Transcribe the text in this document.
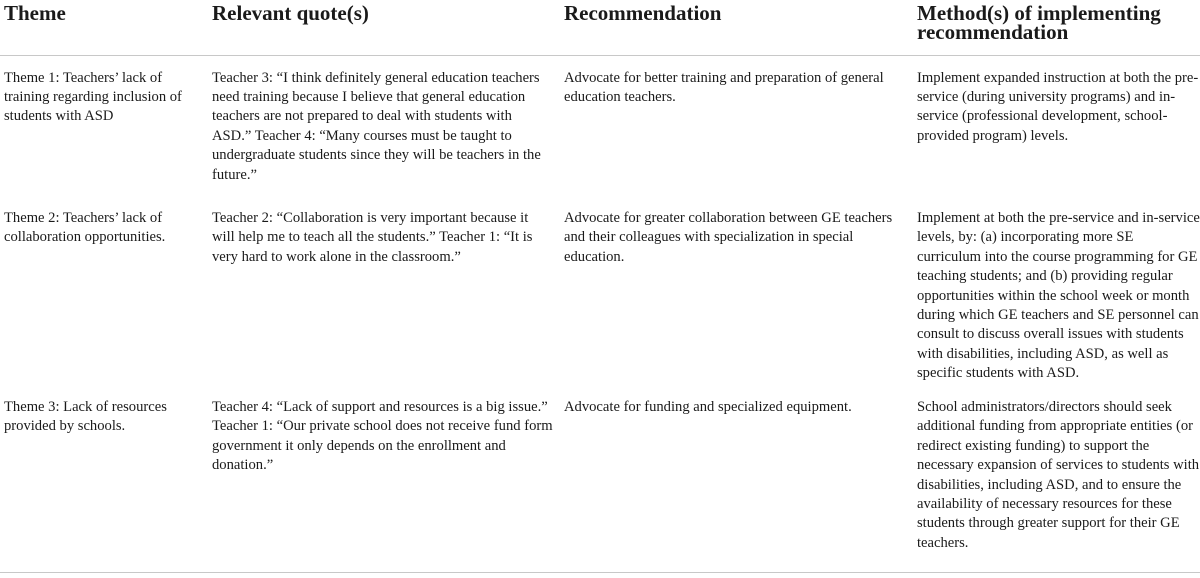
Theme	Relevant quote(s)	Recommendation	Method(s) of implementing recommendation
Theme 1: Teachers’ lack of training regarding inclusion of students with ASD	Teacher 3: “I think definitely general education teachers need training because I believe that general education teachers are not prepared to deal with students with ASD.” Teacher 4: “Many courses must be taught to undergraduate students since they will be teachers in the future.”	Advocate for better training and preparation of general education teachers.	Implement expanded instruction at both the pre-service (during university programs) and in-service (professional development, school-provided program) levels.
Theme 2: Teachers’ lack of collaboration opportunities.	Teacher 2: “Collaboration is very important because it will help me to teach all the students.” Teacher 1: “It is very hard to work alone in the classroom.”	Advocate for greater collaboration between GE teachers and their colleagues with specialization in special education.	Implement at both the pre-service and in-service levels, by: (a) incorporating more SE curriculum into the course programming for GE teaching students; and (b) providing regular opportunities within the school week or month during which GE teachers and SE personnel can consult to discuss overall issues with students with disabilities, including ASD, as well as specific students with ASD.
Theme 3: Lack of resources provided by schools.	Teacher 4: “Lack of support and resources is a big issue.” Teacher 1: “Our private school does not receive fund form government it only depends on the enrollment and donation.”	Advocate for funding and specialized equipment.	School administrators/directors should seek additional funding from appropriate entities (or redirect existing funding) to support the necessary expansion of services to students with disabilities, including ASD, and to ensure the availability of necessary resources for these students through greater support for their GE teachers.
